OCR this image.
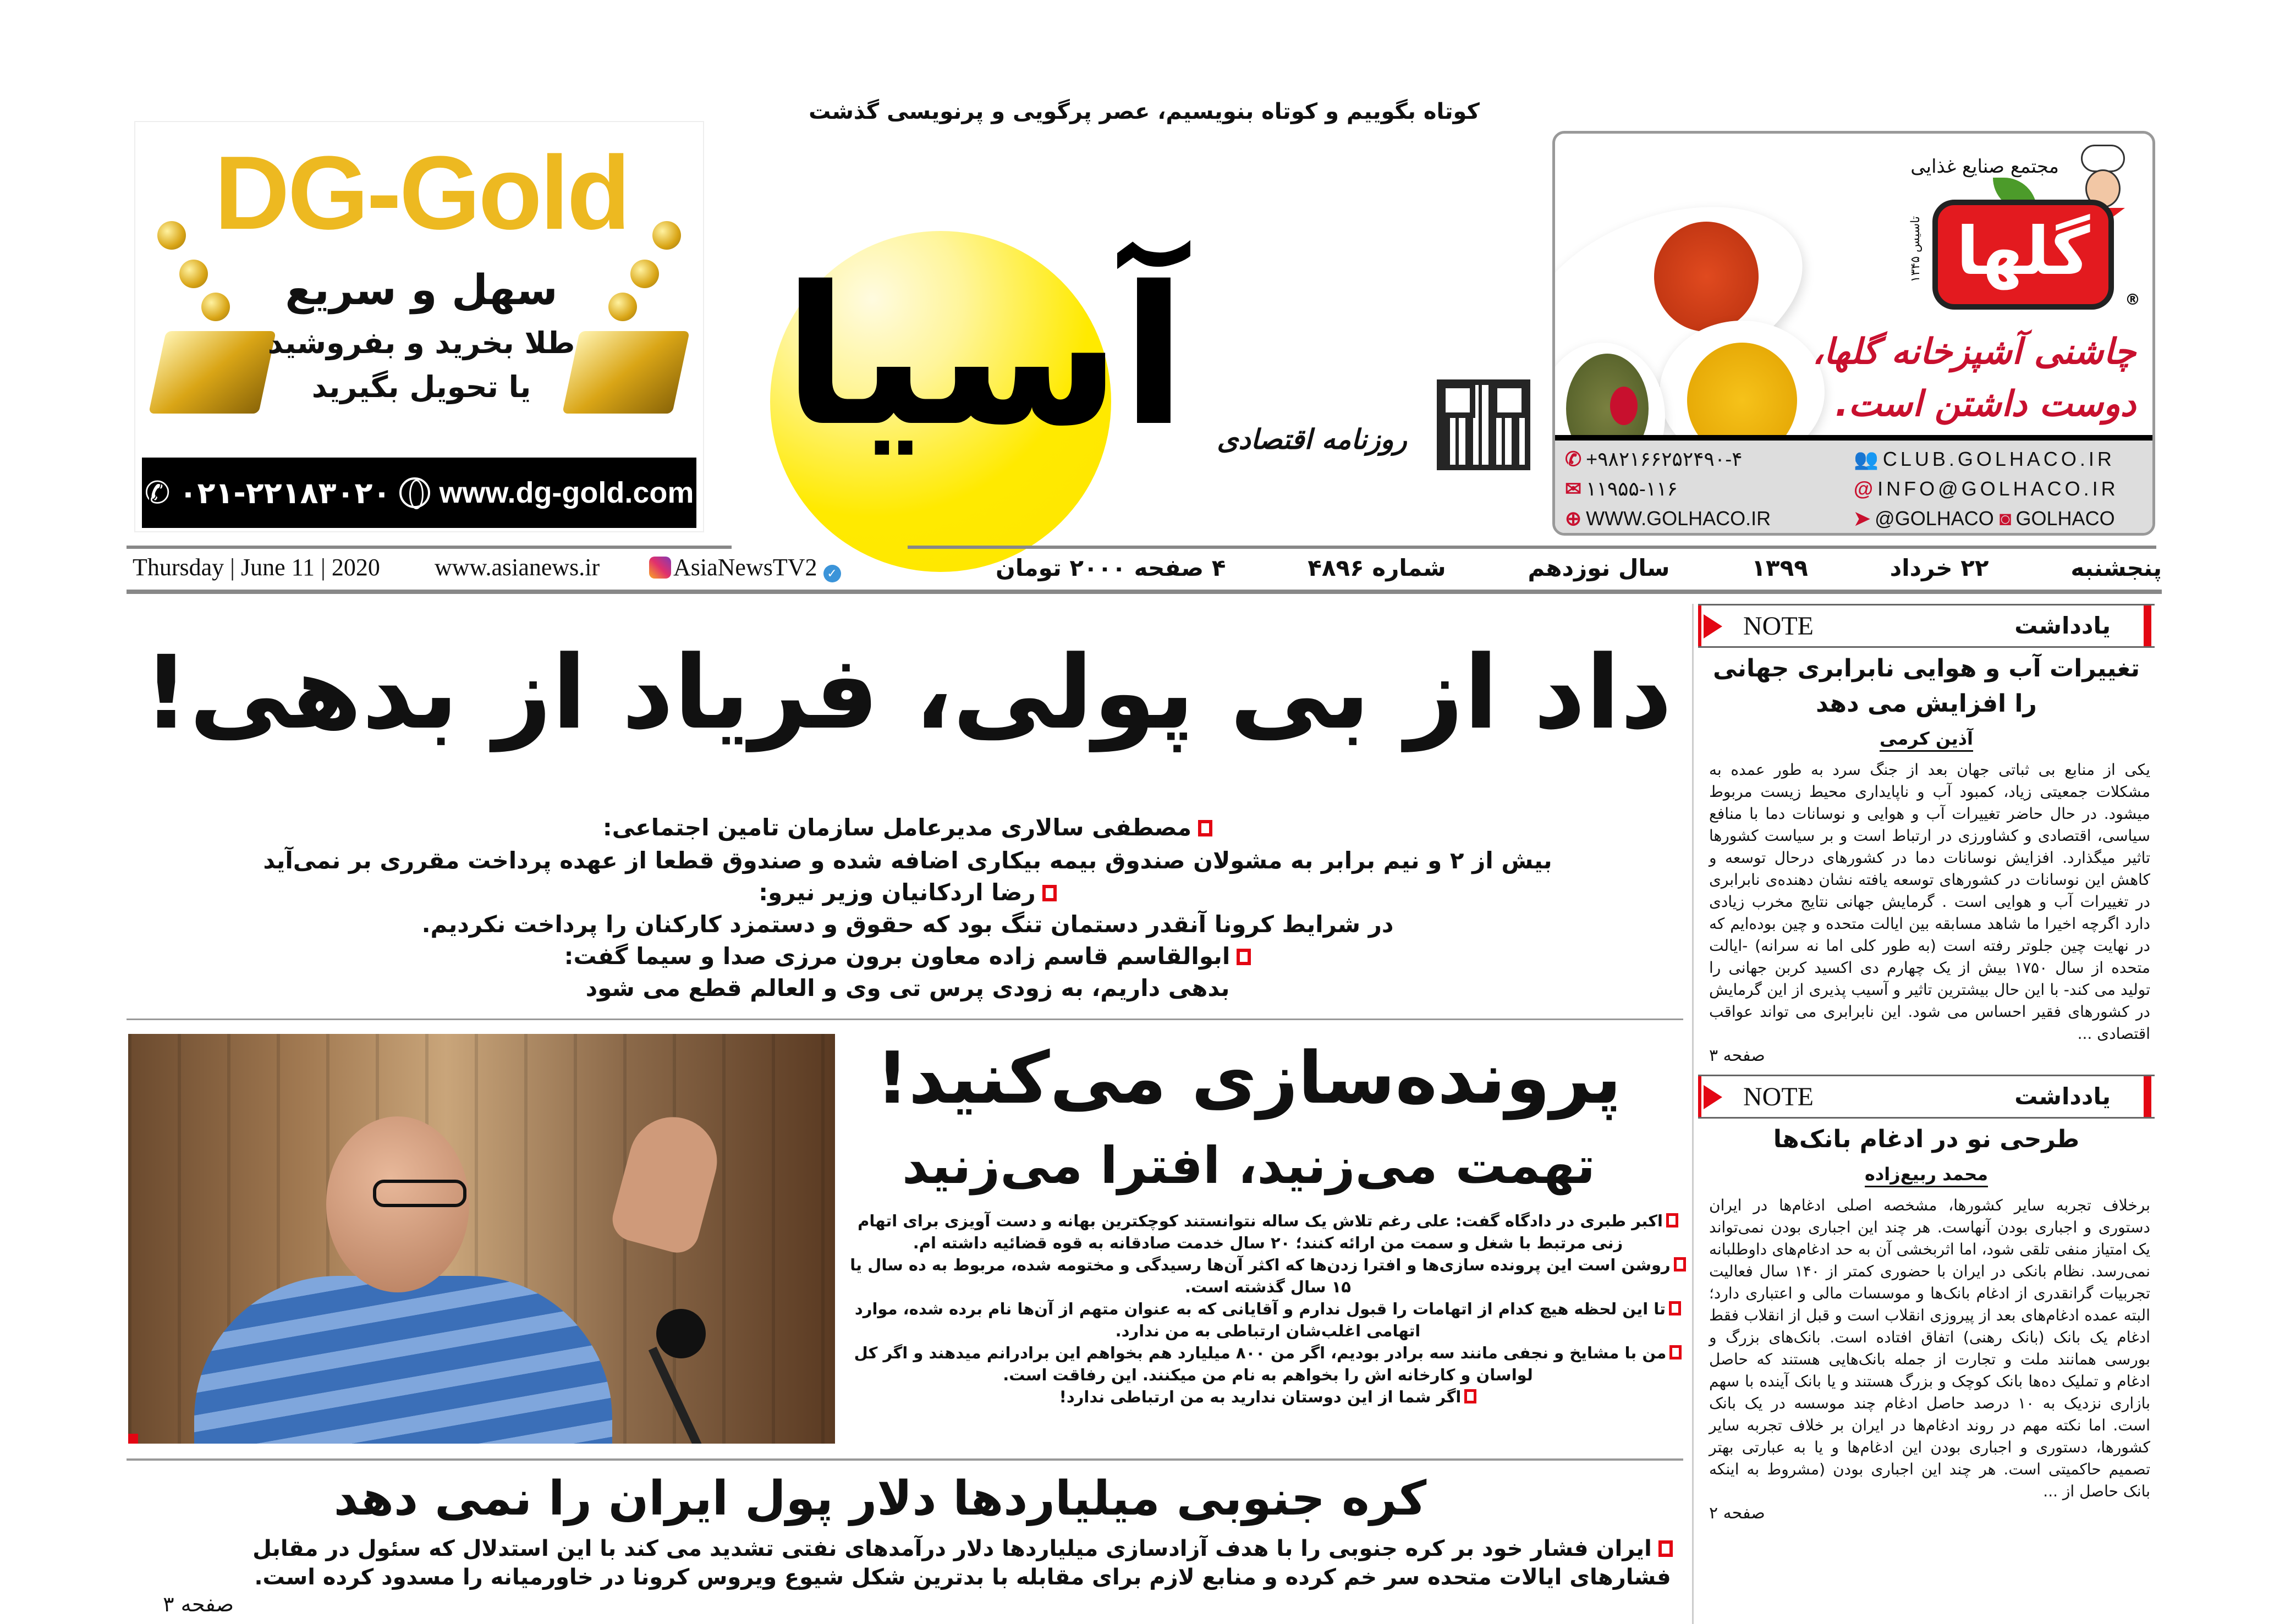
کوتاه بگوییم و کوتاه بنویسیم، عصر پرگویی و پرنویسی گذشت
DG-Gold
سهل و سریع
طلا بخرید و بفروشید
یا تحویل بگیرید
✆ ۰۲۱-۲۲۱۸۳۰۲۰ www.dg-gold.com
آسیا	روزنامه اقتصادی
مجتمع صنایع غذایی
گلها
تاسیس ۱۳۴۵
®
چاشنی آشپزخانه گلها،
دوست داشتن است.
✆ +۹۸۲۱۶۶۲۵۲۴۹۰-۴	👥 CLUB.GOLHACO.IR
✉ ۱۱۹۵۵-۱۱۶	@ INFO@GOLHACO.IR
⊕ WWW.GOLHACO.IR	➤ @GOLHACO ◙ GOLHACO
پنجشنبه
۲۲ خرداد
۱۳۹۹
سال نوزدهم
شماره ۴۸۹۶
۴ صفحه ۲۰۰۰ تومان
Thursday | June 11 | 2020 www.asianews.ir	AsiaNewsTV2 ✓
داد از بی پولی، فریاد از بدهی!
مصطفی سالاری مدیرعامل سازمان تامین اجتماعی:
بیش از ۲ و نیم برابر به مشولان صندوق بیمه بیکاری اضافه شده و صندوق قطعا از عهده پرداخت مقرری بر نمی‌آید
رضا اردکانیان وزیر نیرو:
در شرایط کرونا آنقدر دستمان تنگ بود که حقوق و دستمزد کارکنان را پرداخت نکردیم.
ابوالقاسم قاسم زاده معاون برون مرزی صدا و سیما گفت:
بدهی داریم، به زودی پرس تی وی و العالم قطع می شود
پرونده‌سازی می‌کنید!
تهمت می‌زنید، افترا می‌زنید
اکبر طبری در دادگاه گفت: علی رغم تلاش یک ساله نتوانستند کوچکترین بهانه و دست آویزی برای اتهام زنی مرتبط با شغل و سمت من ارائه کنند؛ ۲۰ سال خدمت صادقانه به قوه قضائیه داشته ام.
روشن است این پرونده سازی‌ها و افترا زدن‌ها که اکثر آن‌ها رسیدگی و مختومه شده، مربوط به ده سال یا ۱۵ سال گذشته است.
تا این لحظه هیچ کدام از اتهامات را قبول ندارم و آقایانی که به عنوان متهم از آن‌ها نام برده شده، موارد اتهامی اغلب‌شان ارتباطی به من ندارد.
من با مشایخ و نجفی مانند سه برادر بودیم، اگر من ۸۰۰ میلیارد هم بخواهم این برادرانم میدهند و اگر کل لواسان و کارخانه اش را بخواهم به نام من میکنند. این رفاقت است.
اگر شما از این دوستان ندارید به من ارتباطی ندارد!
کره جنوبی میلیاردها دلار پول ایران را نمی دهد
ایران فشار خود بر کره جنوبی را با هدف آزادسازی میلیاردها دلار درآمدهای نفتی تشدید می کند با این استدلال که سئول در مقابل فشارهای ایالات متحده سر خم کرده و منابع لازم برای مقابله با بدترین شکل شیوع ویروس کرونا در خاورمیانه را مسدود کرده است.
صفحه ۳
NOTE	یادداشت
تغییرات آب و هوایی نابرابری جهانی را افزایش می دهد
آذین کرمی
یکی از منابع بی ثباتی جهان بعد از جنگ سرد به طور عمده به مشکلات جمعیتی زیاد، کمبود آب و ناپایداری محیط زیست مربوط میشود. در حال حاضر تغییرات آب و هوایی و نوسانات دما با منافع سیاسی، اقتصادی و کشاورزی در ارتباط است و بر سیاست کشورها تاثیر میگذارد. افزایش نوسانات دما در کشورهای درحال توسعه و کاهش این نوسانات در کشورهای توسعه یافته نشان دهنده‌ی نابرابری در تغییرات آب و هوایی است . گرمایش جهانی نتایج مخرب زیادی دارد اگرچه اخیرا ما شاهد مسابقه بین ایالت متحده و چین بوده‌ایم که در نهایت چین جلوتر رفته است (به طور کلی اما نه سرانه) -ایالت متحده از سال ۱۷۵۰ بیش از یک چهارم دی اکسید کربن جهانی را تولید می کند- با این حال بیشترین تاثیر و آسیب پذیری از این گرمایش در کشورهای فقیر احساس می شود. این نابرابری می تواند عواقب اقتصادی ...
صفحه ۳
NOTE	یادداشت
طرحی نو در ادغام بانک‌ها
محمد ربیع‌زاده
برخلاف تجربه سایر کشورها، مشخصه اصلی ادغام‌ها در ایران دستوری و اجباری بودن آنهاست. هر چند این اجباری بودن نمی‌تواند یک امتیاز منفی تلقی شود، اما اثربخشی آن به حد ادغام‌های داوطلبانه نمی‌رسد. نظام بانکی در ایران با حضوری کمتر از ۱۴۰ سال فعالیت تجربیات گرانقدری از ادغام بانک‌ها و موسسات مالی و اعتباری دارد؛ البته عمده ادغام‌های بعد از پیروزی انقلاب است و قبل از انقلاب فقط ادغام یک بانک (بانک رهنی) اتفاق افتاده است. بانک‌های بزرگ و بورسی همانند ملت و تجارت از جمله بانک‌هایی هستند که حاصل ادغام و تملیک ده‌ها بانک کوچک و بزرگ هستند و یا بانک آینده با سهم بازاری نزدیک به ۱۰ درصد حاصل ادغام چند موسسه در یک بانک است. اما نکته مهم در روند ادغام‌ها در ایران بر خلاف تجربه سایر کشورها، دستوری و اجباری بودن این ادغام‌ها و یا به عبارتی بهتر تصمیم حاکمیتی است. هر چند این اجباری بودن (مشروط به اینکه بانک حاصل از ...
صفحه ۲
